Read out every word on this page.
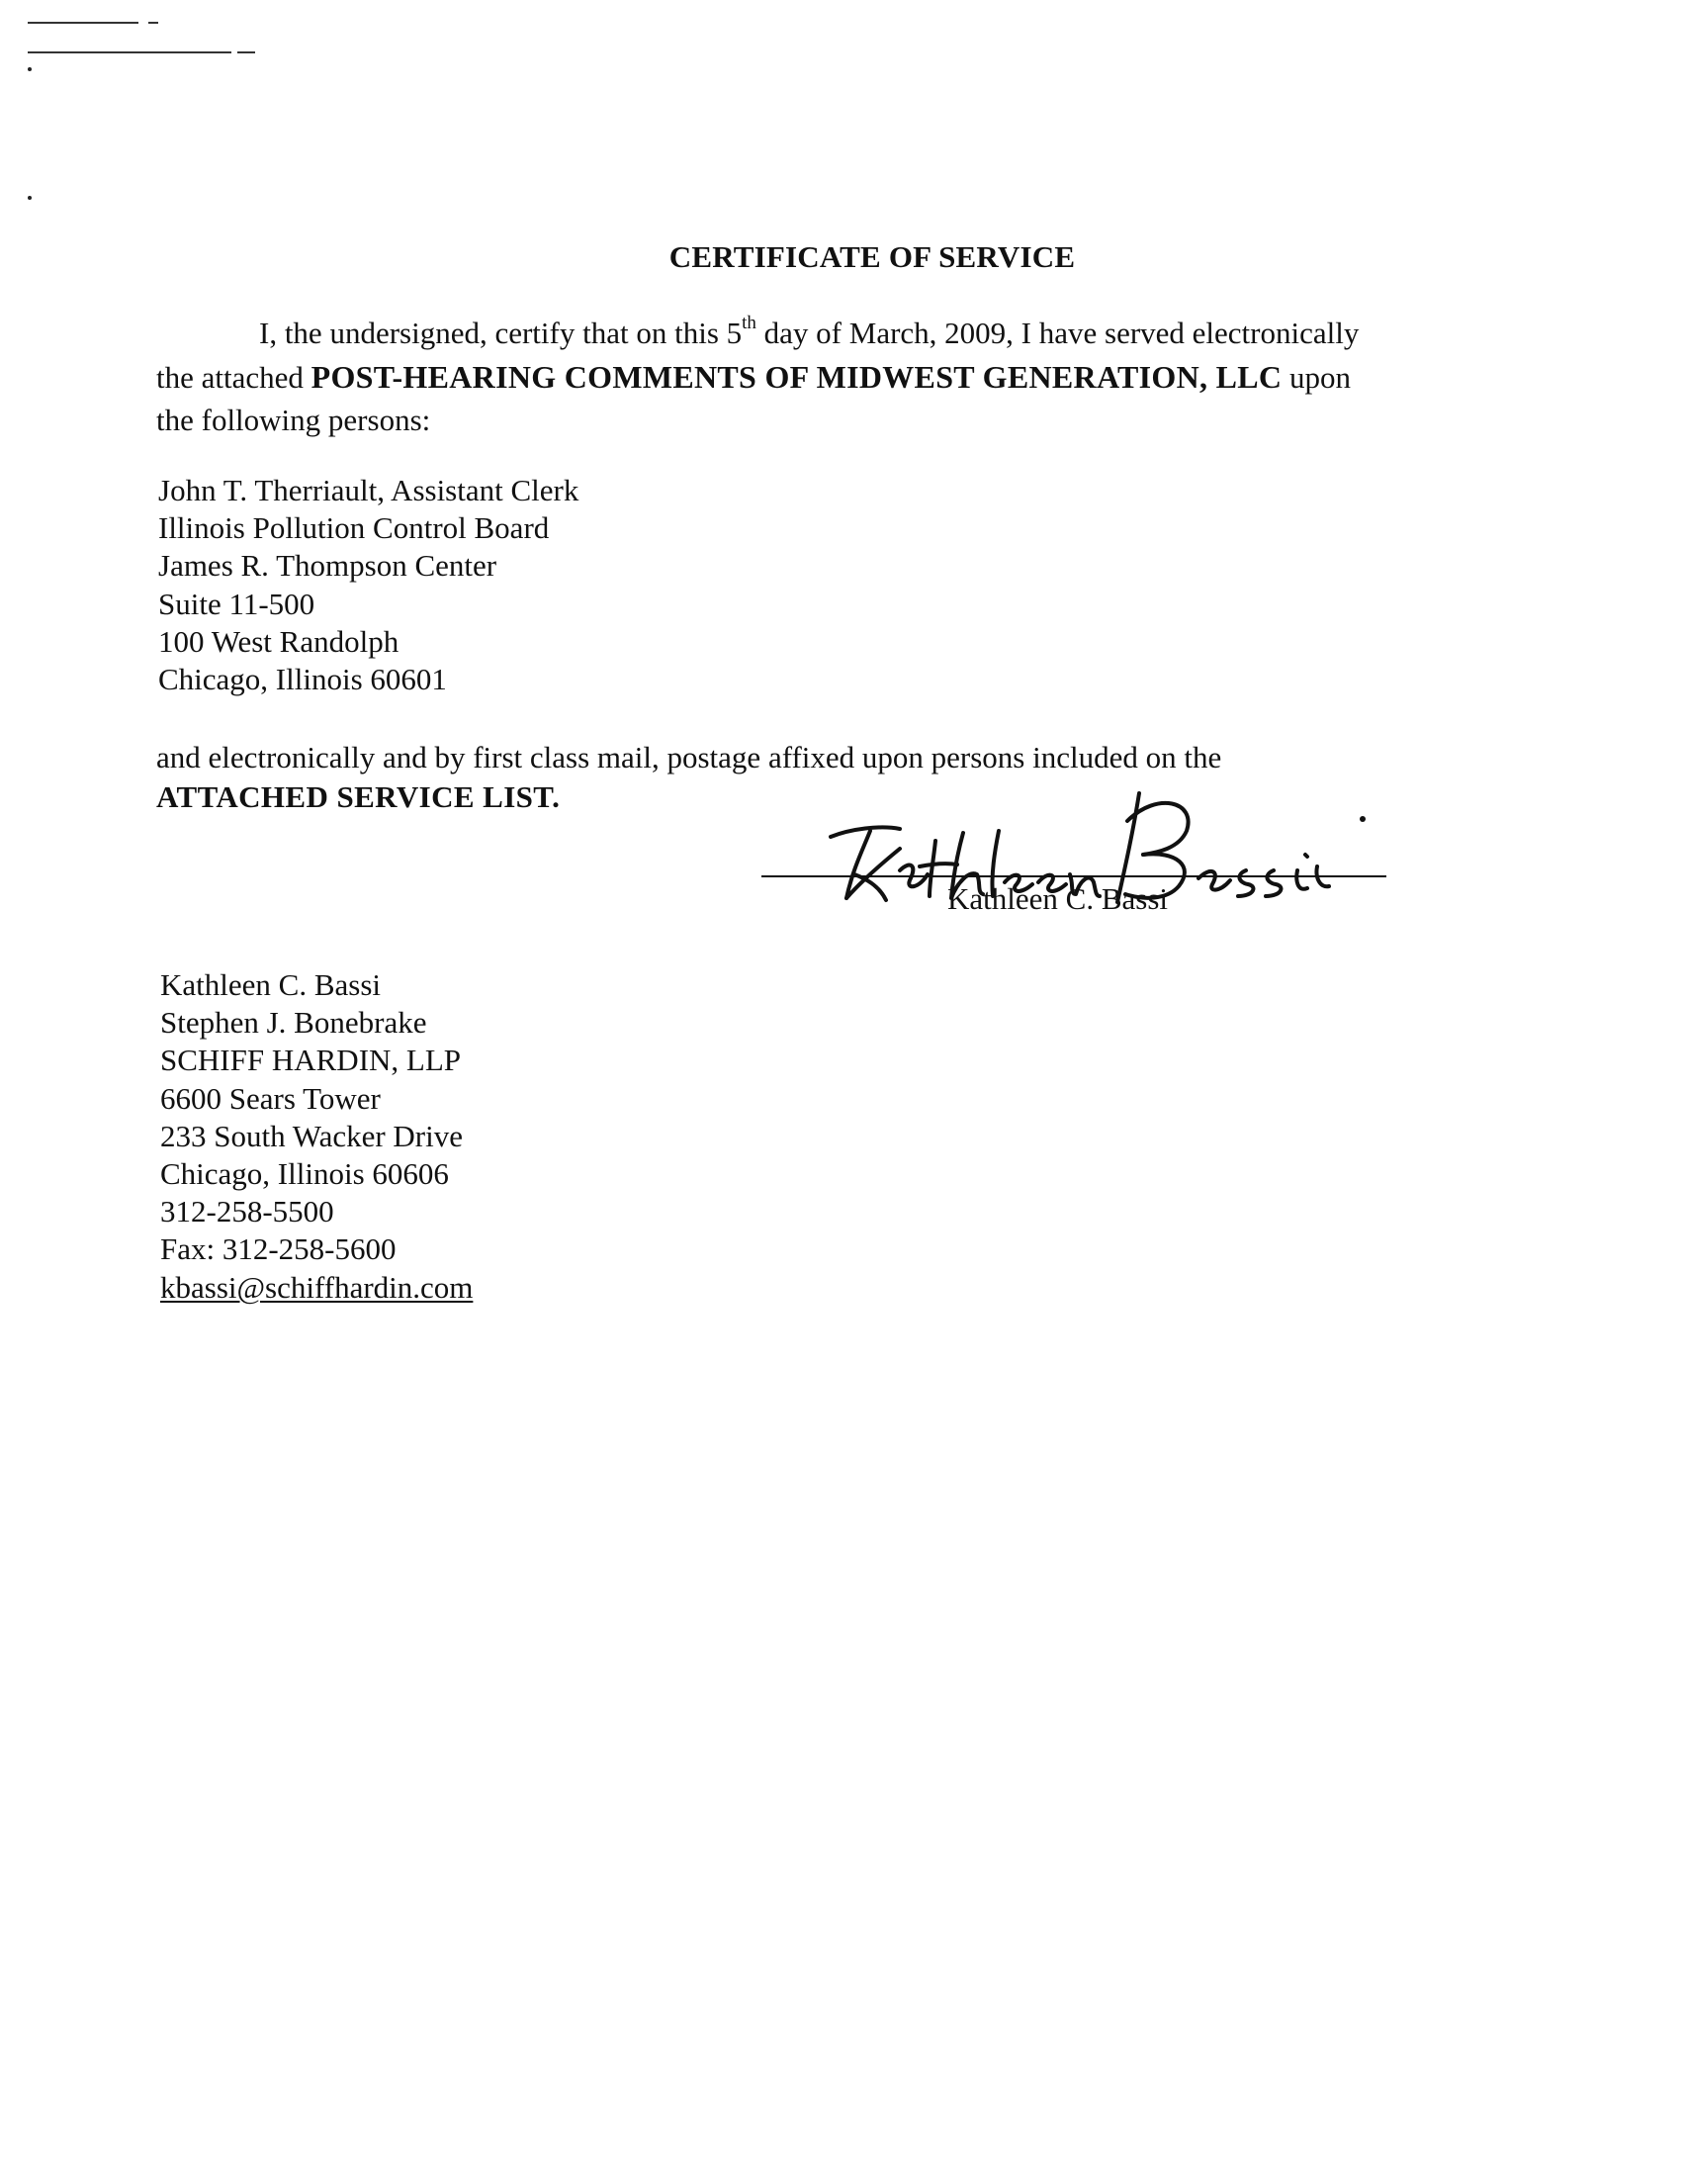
CERTIFICATE OF SERVICE
I, the undersigned, certify that on this 5th day of March, 2009, I have served electronically
the attached POST-HEARING COMMENTS OF MIDWEST GENERATION, LLC upon
the following persons:
John T. Therriault, Assistant Clerk
Illinois Pollution Control Board
James R. Thompson Center
Suite 11-500
100 West Randolph
Chicago, Illinois 60601
and electronically and by first class mail, postage affixed upon persons included on the
ATTACHED SERVICE LIST.
Kathleen C. Bassi
Kathleen C. Bassi
Stephen J. Bonebrake
SCHIFF HARDIN, LLP
6600 Sears Tower
233 South Wacker Drive
Chicago, Illinois 60606
312-258-5500
Fax: 312-258-5600
kbassi@schiffhardin.com
